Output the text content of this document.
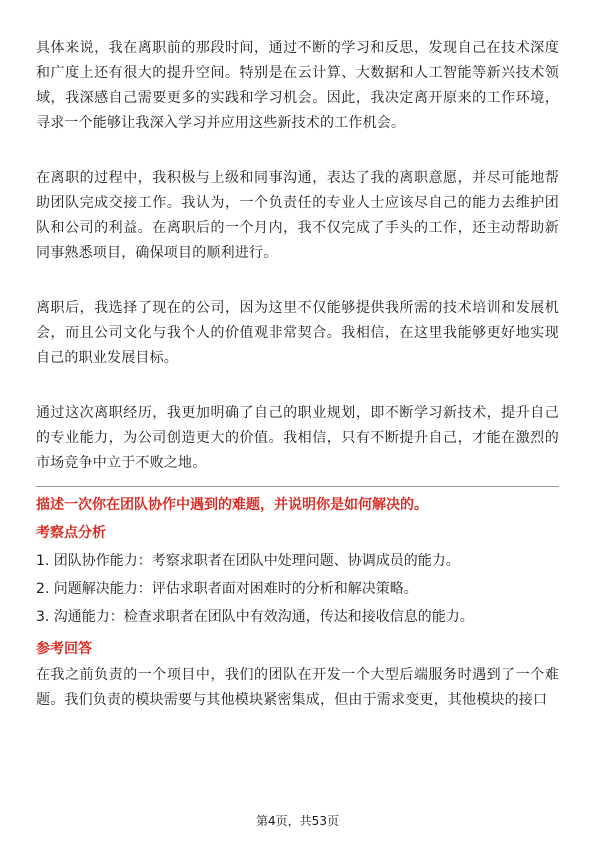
具体来说，我在离职前的那段时间，通过不断的学习和反思，发现自己在技术深度和广度上还有很大的提升空间。特别是在云计算、大数据和人工智能等新兴技术领域，我深感自己需要更多的实践和学习机会。因此，我决定离开原来的工作环境，寻求一个能够让我深入学习并应用这些新技术的工作机会。

在离职的过程中，我积极与上级和同事沟通，表达了我的离职意愿，并尽可能地帮助团队完成交接工作。我认为，一个负责任的专业人士应该尽自己的能力去维护团队和公司的利益。在离职后的一个月内，我不仅完成了手头的工作，还主动帮助新同事熟悉项目，确保项目的顺利进行。

离职后，我选择了现在的公司，因为这里不仅能够提供我所需的技术培训和发展机会，而且公司文化与我个人的价值观非常契合。我相信，在这里我能够更好地实现自己的职业发展目标。

通过这次离职经历，我更加明确了自己的职业规划，即不断学习新技术，提升自己的专业能力，为公司创造更大的价值。我相信，只有不断提升自己，才能在激烈的市场竞争中立于不败之地。

描述一次你在团队协作中遇到的难题，并说明你是如何解决的。

考察点分析

1. 团队协作能力：考察求职者在团队中处理问题、协调成员的能力。

2. 问题解决能力：评估求职者面对困难时的分析和解决策略。

3. 沟通能力：检查求职者在团队中有效沟通，传达和接收信息的能力。

参考回答

在我之前负责的一个项目中，我们的团队在开发一个大型后端服务时遇到了一个难题。我们负责的模块需要与其他模块紧密集成，但由于需求变更，其他模块的接口

第4页，共53页
